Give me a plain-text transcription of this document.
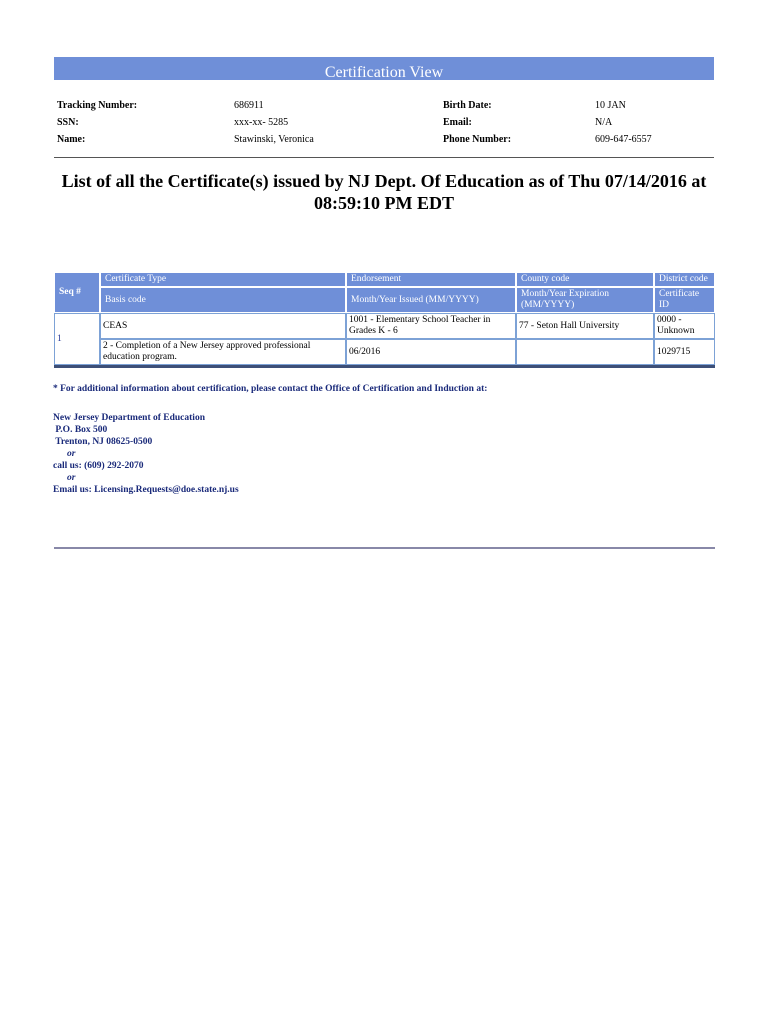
Certification View
Tracking Number:	686911	Birth Date:	10 JAN
SSN:	xxx-xx- 5285	Email:	N/A
Name:	Stawinski, Veronica	Phone Number:	609-647-6557
List of all the Certificate(s) issued by NJ Dept. Of Education as of Thu 07/14/2016 at 08:59:10 PM EDT
Seq #	Certificate Type	Endorsement	County code	District code
	Basis code	Month/Year Issued (MM/YYYY)	Month/Year Expiration (MM/YYYY)	Certificate ID
1	CEAS	1001 - Elementary School Teacher in Grades K - 6	77 - Seton Hall University	0000 - Unknown
	2 - Completion of a New Jersey approved professional education program.	06/2016		1029715
* For additional information about certification, please contact the Office of Certification and Induction at:
New Jersey Department of Education
P.O. Box 500
Trenton, NJ 08625-0500
or
call us: (609) 292-2070
or
Email us: Licensing.Requests@doe.state.nj.us
